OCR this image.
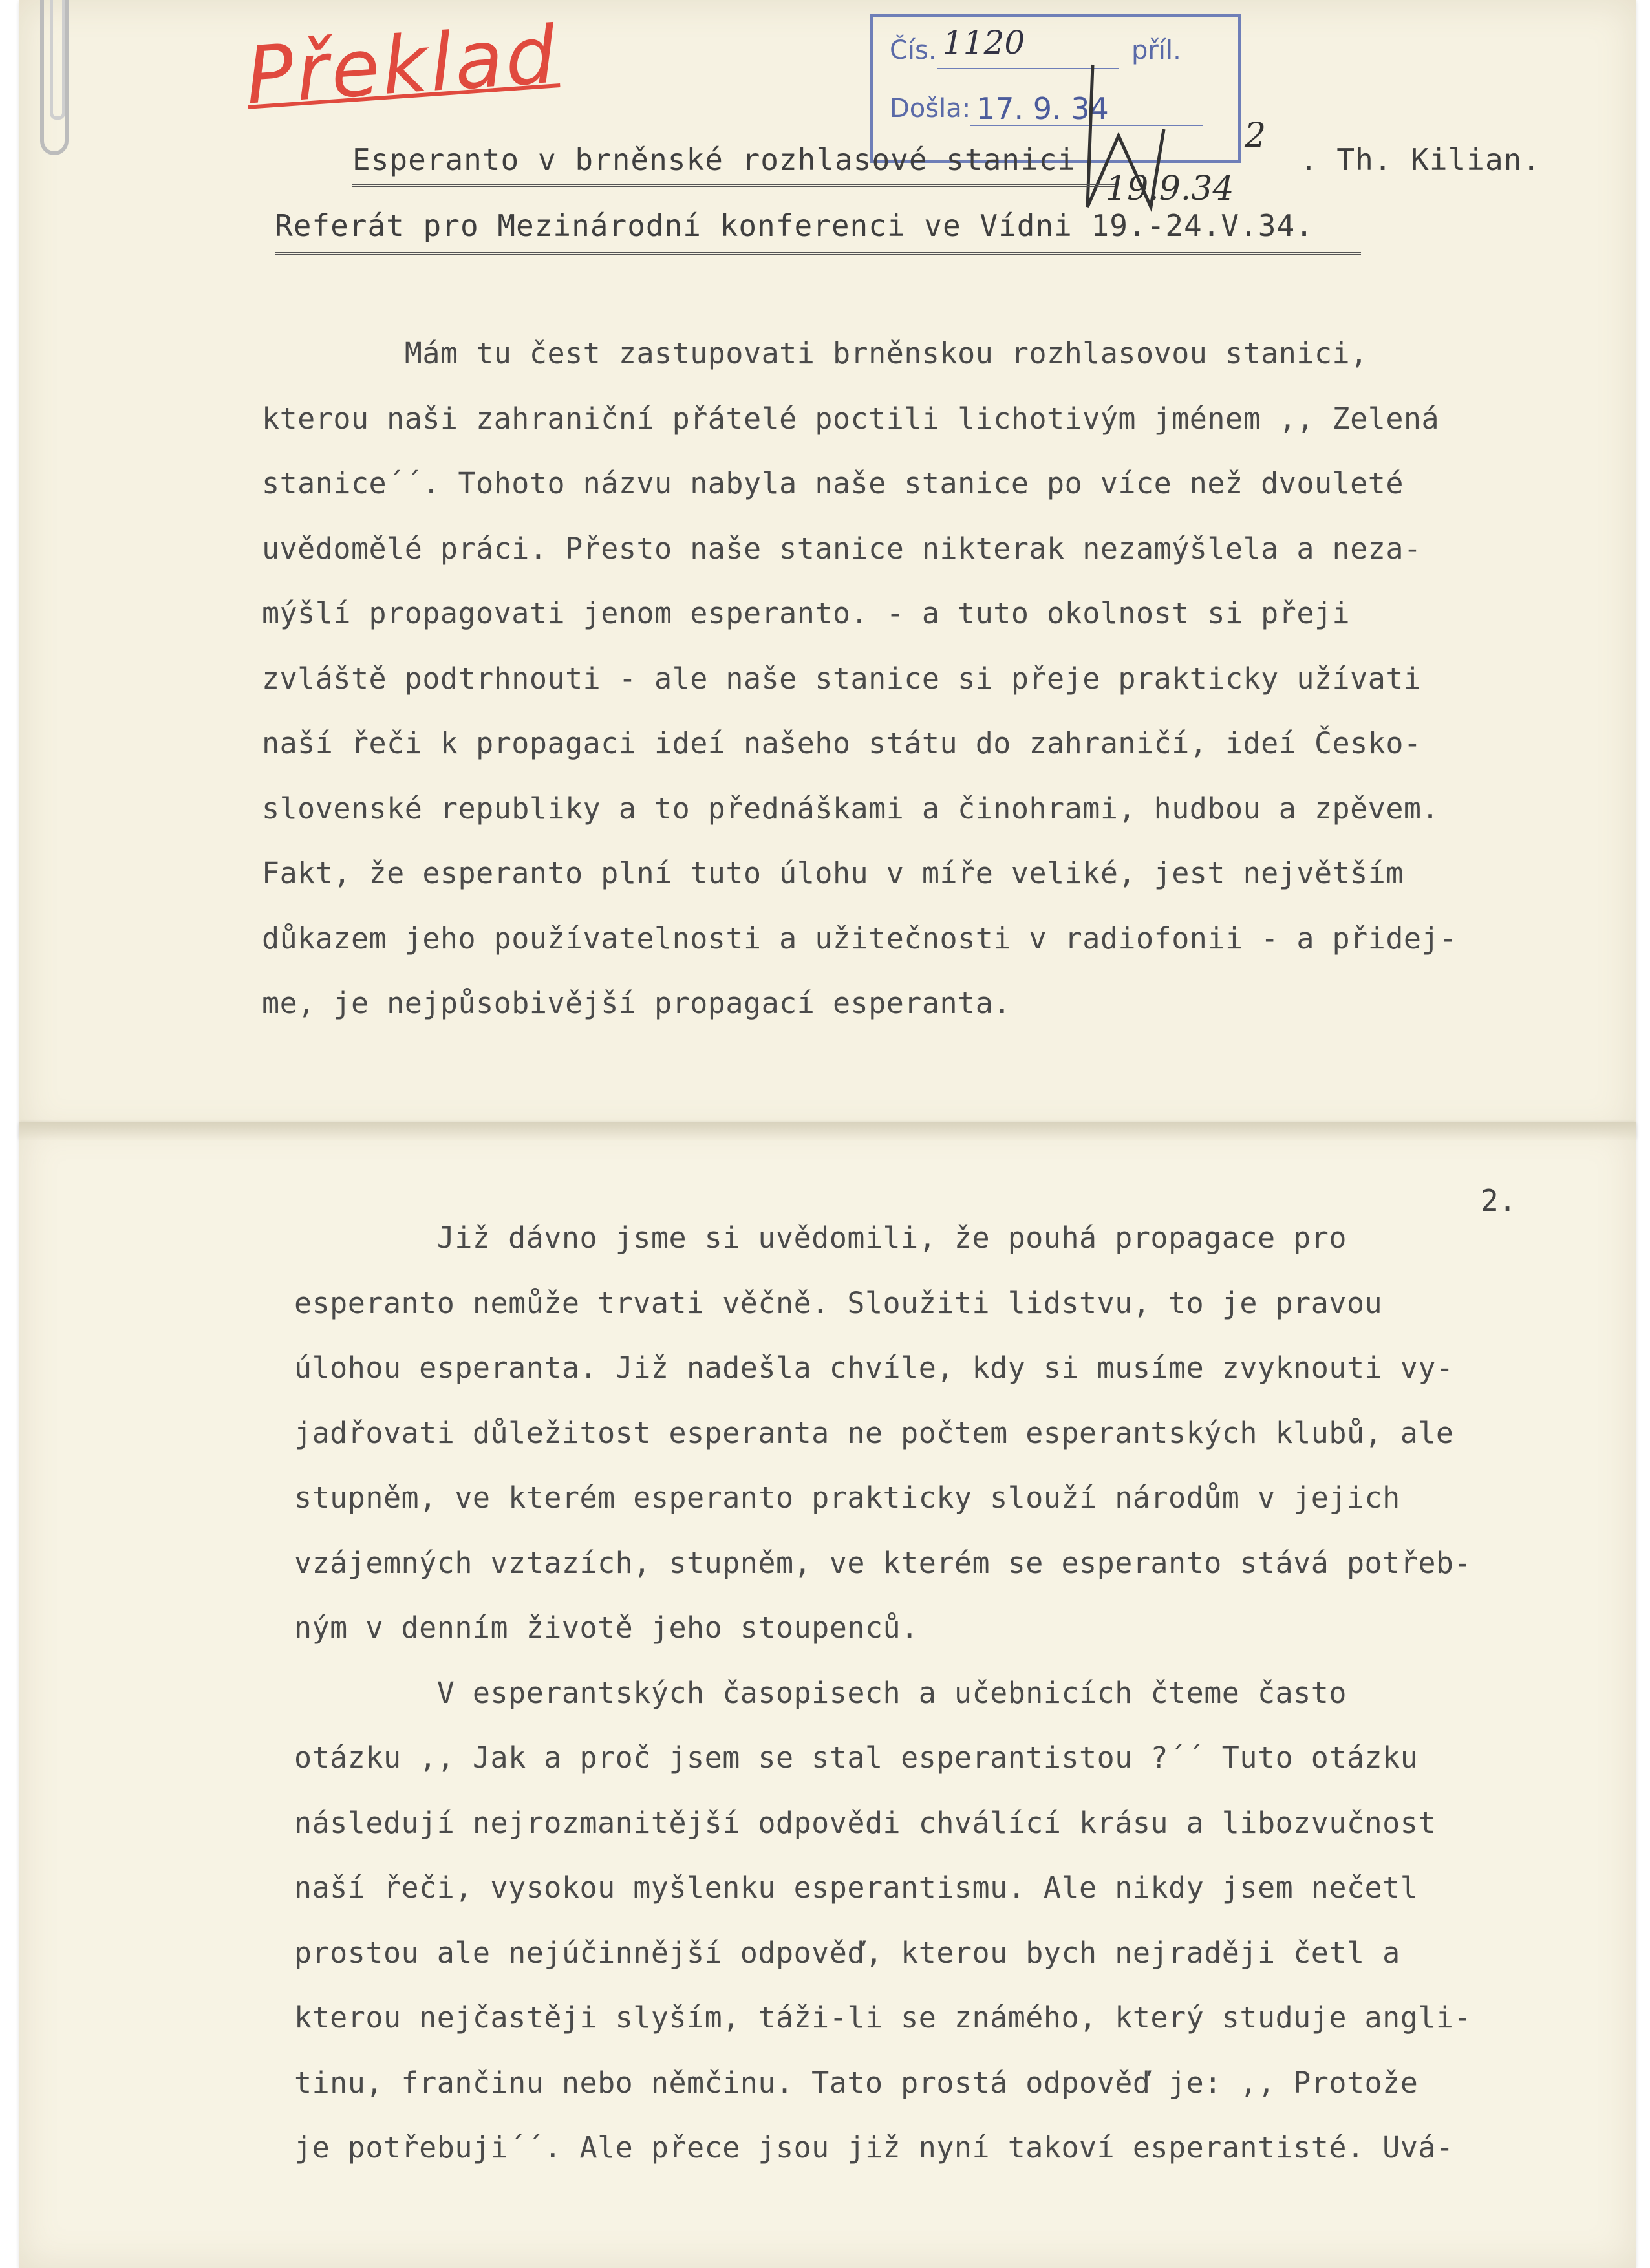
Překlad	Čís. 1120	příl.
Došla: 17. 9. 34
2
19.9.34
Esperanto v brněnské rozhlasové stanici	. Th. Kilian.
Referát pro Mezinárodní konferenci ve Vídni 19.-24.V.34.
Mám tu čest zastupovati brněnskou rozhlasovou stanici,
kterou naši zahraniční přátelé poctili lichotivým jménem ,, Zelená
stanice´´. Tohoto názvu nabyla naše stanice po více než dvouleté
uvědomělé práci. Přesto naše stanice nikterak nezamýšlela a neza-
mýšlí propagovati jenom esperanto. - a tuto okolnost si přeji
zvláště podtrhnouti - ale naše stanice si přeje prakticky užívati
naší řeči k propagaci ideí našeho státu do zahraničí, ideí Česko-
slovenské republiky a to přednáškami a činohrami, hudbou a zpěvem.
Fakt, že esperanto plní tuto úlohu v míře veliké, jest největším
důkazem jeho používatelnosti a užitečnosti v radiofonii - a přidej-
me, je nejpůsobivější propagací esperanta.
2.
Již dávno jsme si uvědomili, že pouhá propagace pro
esperanto nemůže trvati věčně. Sloužiti lidstvu, to je pravou
úlohou esperanta. Již nadešla chvíle, kdy si musíme zvyknouti vy-
jadřovati důležitost esperanta ne počtem esperantských klubů, ale
stupněm, ve kterém esperanto prakticky slouží národům v jejich
vzájemných vztazích, stupněm, ve kterém se esperanto stává potřeb-
ným v denním životě jeho stoupenců.
V esperantských časopisech a učebnicích čteme často
otázku ,, Jak a proč jsem se stal esperantistou ?´´ Tuto otázku
následují nejrozmanitější odpovědi chválící krásu a libozvučnost
naší řeči, vysokou myšlenku esperantismu. Ale nikdy jsem nečetl
prostou ale nejúčinnější odpověď, kterou bych nejraději četl a
kterou nejčastěji slyším, táži-li se známého, který studuje angli-
tinu, frančinu nebo němčinu. Tato prostá odpověď je: ,, Protože
je potřebuji´´. Ale přece jsou již nyní takoví esperantisté. Uvá-
